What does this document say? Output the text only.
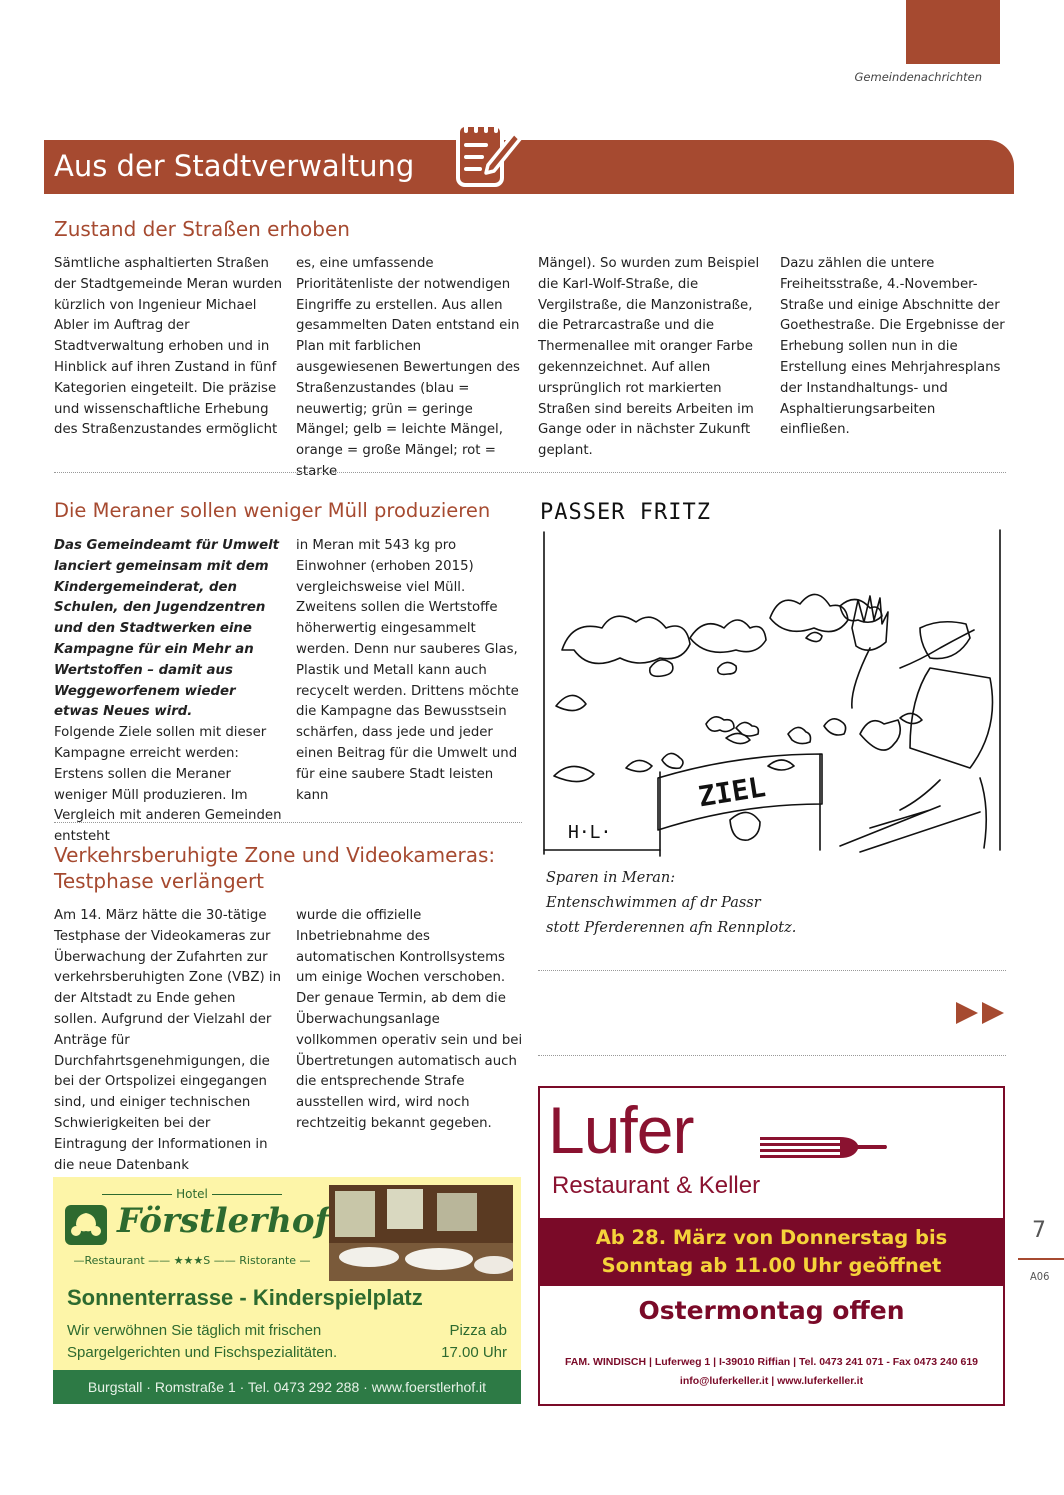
Gemeindenachrichten
Aus der Stadtverwaltung
Zustand der Straßen erhoben
Sämtliche asphaltierten Straßen der Stadtgemeinde Meran wurden kürzlich von Ingenieur Michael Abler im Auftrag der Stadtverwaltung erhoben und in Hinblick auf ihren Zustand in fünf Kategorien eingeteilt. Die präzise und wissenschaftliche Erhebung des Straßenzustandes ermöglicht
es, eine umfassende Prioritätenliste der notwendigen Eingriffe zu erstellen. Aus allen gesammelten Daten entstand ein Plan mit farblichen ausgewiesenen Bewertungen des Straßenzustandes (blau = neuwertig; grün = geringe Mängel; gelb = leichte Mängel, orange = große Mängel; rot = starke
Mängel). So wurden zum Beispiel die Karl-Wolf-Straße, die Vergilstraße, die Manzonistraße, die Petrarcastraße und die Thermenallee mit oranger Farbe gekennzeichnet. Auf allen ursprünglich rot markierten Straßen sind bereits Arbeiten im Gange oder in nächster Zukunft geplant.
Dazu zählen die untere Freiheitsstraße, 4.-November-Straße und einige Abschnitte der Goethestraße. Die Ergebnisse der Erhebung sollen nun in die Erstellung eines Mehrjahresplans der Instandhaltungs- und Asphaltierungsarbeiten einfließen.
Die Meraner sollen weniger Müll produzieren
Das Gemeindeamt für Umwelt lanciert gemeinsam mit dem Kindergemeinderat, den Schulen, den Jugendzentren und den Stadtwerken eine Kampagne für ein Mehr an Wertstoffen – damit aus Weggeworfenem wieder etwas Neues wird.
Folgende Ziele sollen mit dieser Kampagne erreicht werden: Erstens sollen die Meraner weniger Müll produzieren. Im Vergleich mit anderen Gemeinden entsteht
in Meran mit 543 kg pro Einwohner (erhoben 2015) vergleichsweise viel Müll. Zweitens sollen die Wertstoffe höherwertig eingesammelt werden. Denn nur sauberes Glas, Plastik und Metall kann auch recycelt werden. Drittens möchte die Kampagne das Bewusstsein schärfen, dass jede und jeder einen Beitrag für die Umwelt und für eine saubere Stadt leisten kann
Verkehrsberuhigte Zone und Videokameras: Testphase verlängert
Am 14. März hätte die 30-tätige Testphase der Videokameras zur Überwachung der Zufahrten zur verkehrsberuhigten Zone (VBZ) in der Altstadt zu Ende gehen sollen. Aufgrund der Vielzahl der Anträge für Durchfahrtsgenehmigungen, die bei der Ortspolizei eingegangen sind, und einiger technischen Schwierigkeiten bei der Eintragung der Informationen in die neue Datenbank
wurde die offizielle Inbetriebnahme des automatischen Kontrollsystems um einige Wochen verschoben. Der genaue Termin, ab dem die Überwachungsanlage vollkommen operativ sein und bei Übertretungen automatisch auch die entsprechende Strafe ausstellen wird, wird noch rechtzeitig bekannt gegeben.
PASSER FRITZ
ZIEL
H·L·
Sparen in Meran:
Entenschwimmen af dr Passr
stott Pferderennen afn Rennplotz.
Hotel
Förstlerhof
—Restaurant —— ★★★S —— Ristorante —
Sonnenterrasse - Kinderspielplatz
Wir verwöhnen Sie täglich mit frischen
Spargelgerichten und Fischspezialitäten.
Pizza ab
17.00 Uhr
Burgstall · Romstraße 1 · Tel. 0473 292 288 · www.foerstlerhof.it
Lufer
Restaurant & Keller
Ab 28. März von Donnerstag bis
Sonntag ab 11.00 Uhr geöffnet
Ostermontag offen
FAM. WINDISCH | Luferweg 1 | I-39010 Riffian | Tel. 0473 241 071 - Fax 0473 240 619
info@luferkeller.it | www.luferkeller.it
7
A06
